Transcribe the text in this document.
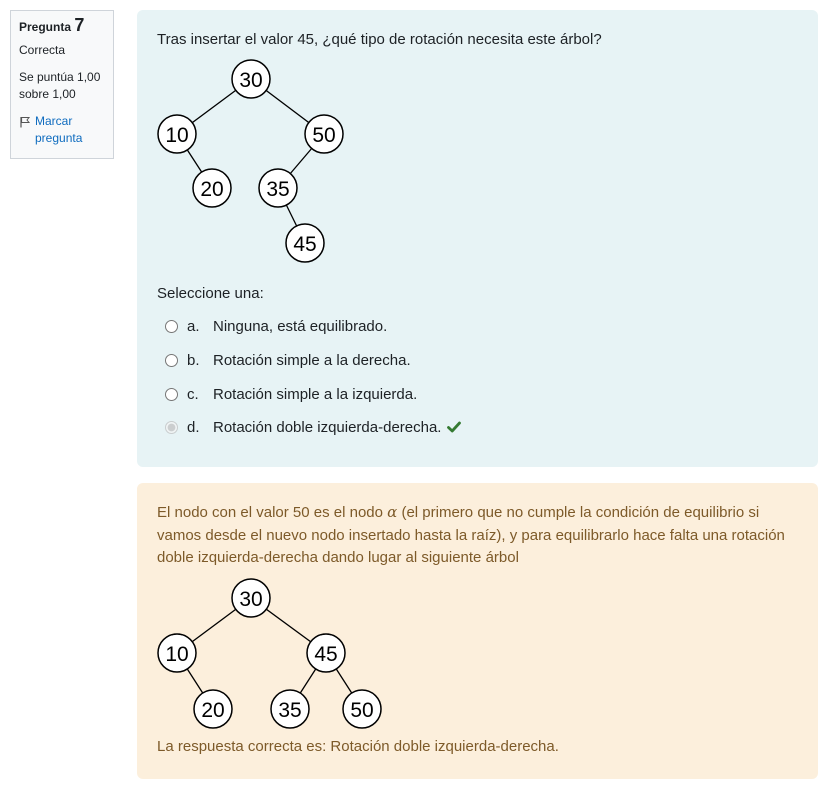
Pregunta 7
Correcta
Se puntúa 1,00 sobre 1,00
Marcar pregunta
Tras insertar el valor 45, ¿qué tipo de rotación necesita este árbol?
30
10	50
20 35
45
Seleccione una:
a. Ninguna, está equilibrado.
b. Rotación simple a la derecha.
c. Rotación simple a la izquierda.
d. Rotación doble izquierda-derecha.
El nodo con el valor 50 es el nodo α (el primero que no cumple la condición de equilibrio si vamos desde el nuevo nodo insertado hasta la raíz), y para equilibrarlo hace falta una rotación doble izquierda-derecha dando lugar al siguiente árbol
30
10	45
20	35 50
La respuesta correcta es: Rotación doble izquierda-derecha.
